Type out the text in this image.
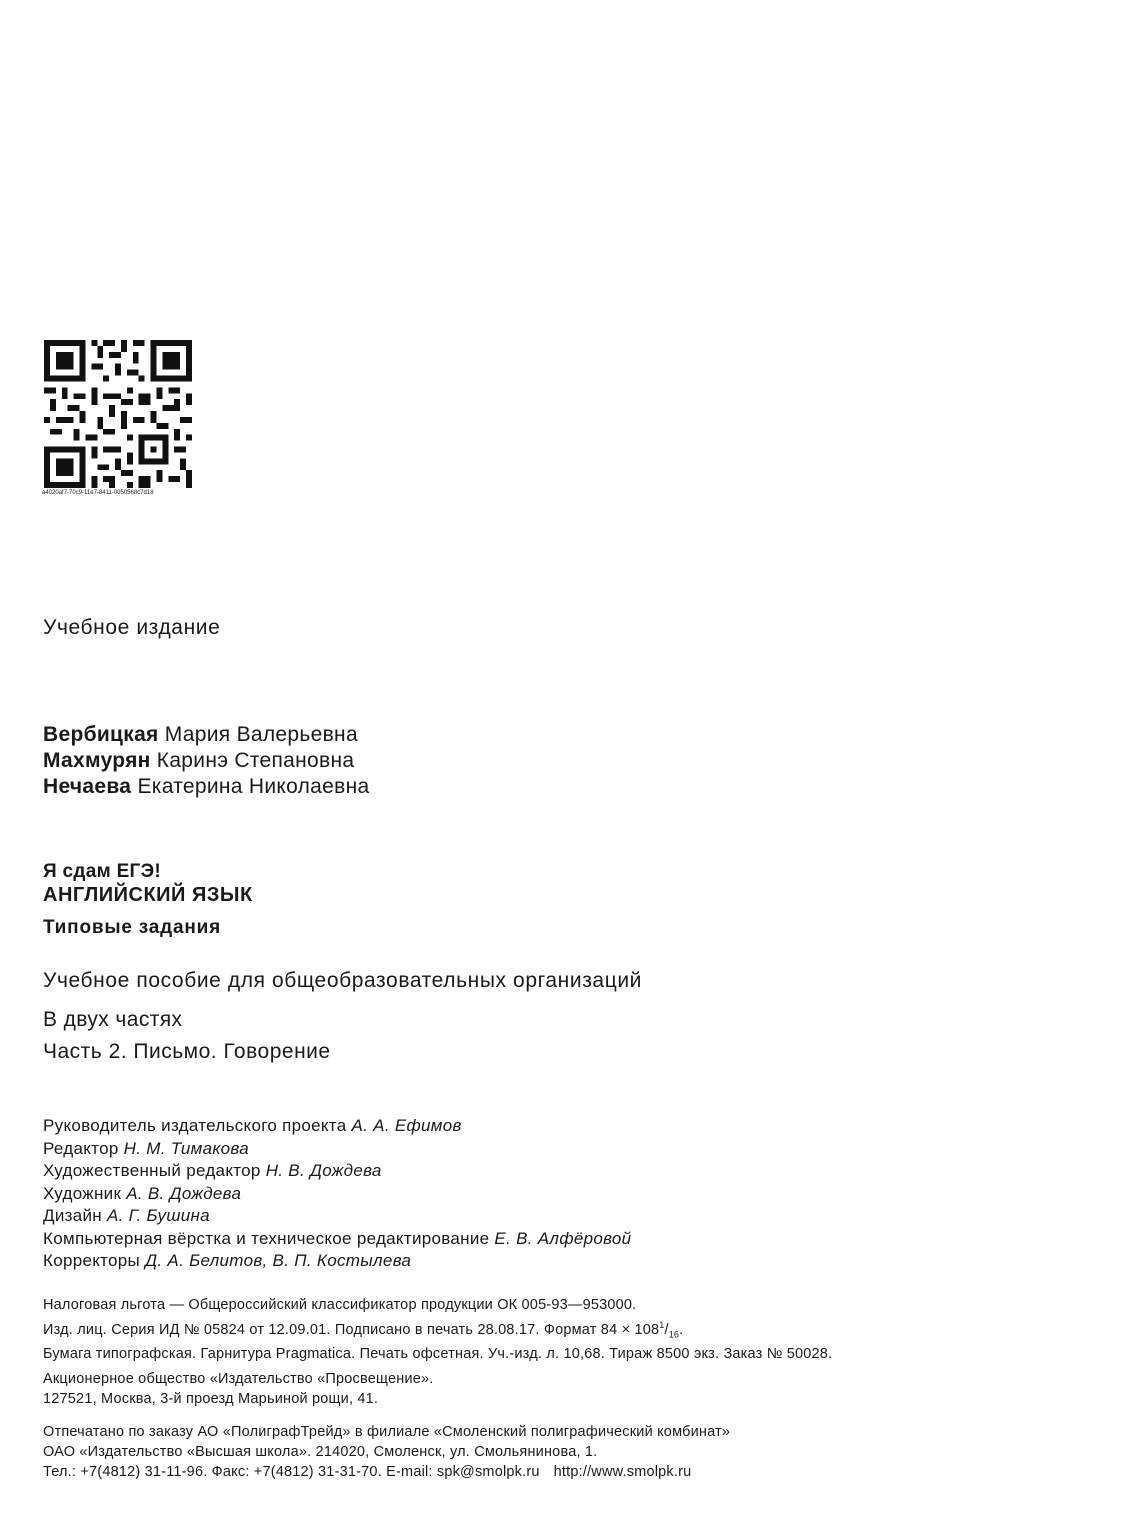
a4020af7-70c9-11e7-8411-0050568c7d18
Учебное издание
Вербицкая Мария Валерьевна
Махмурян Каринэ Степановна
Нечаева Екатерина Николаевна
Я сдам ЕГЭ!
АНГЛИЙСКИЙ ЯЗЫК
Типовые задания
Учебное пособие для общеобразовательных организаций
В двух частях
Часть 2. Письмо. Говорение
Руководитель издательского проекта А. А. Ефимов
Редактор Н. М. Тимакова
Художественный редактор Н. В. Дождева
Художник А. В. Дождева
Дизайн А. Г. Бушина
Компьютерная вёрстка и техническое редактирование Е. В. Алфёровой
Корректоры Д. А. Белитов, В. П. Костылева
Налоговая льгота — Общероссийский классификатор продукции ОК 005-93—953000.
Изд. лиц. Серия ИД № 05824 от 12.09.01. Подписано в печать 28.08.17. Формат $84 \times 108^1/_{16}$.
Бумага типографская. Гарнитура Pragmatica. Печать офсетная. Уч.-изд. л. 10,68. Тираж 8500 экз. Заказ № 50028.
Акционерное общество «Издательство «Просвещение».
127521, Москва, 3-й проезд Марьиной рощи, 41.
Отпечатано по заказу АО «ПолиграфТрейд» в филиале «Смоленский полиграфический комбинат»
ОАО «Издательство «Высшая школа». 214020, Смоленск, ул. Смольянинова, 1.
Тел.: +7(4812) 31-11-96. Факс: +7(4812) 31-31-70. E-mail: spk@smolpk.ru http://www.smolpk.ru
